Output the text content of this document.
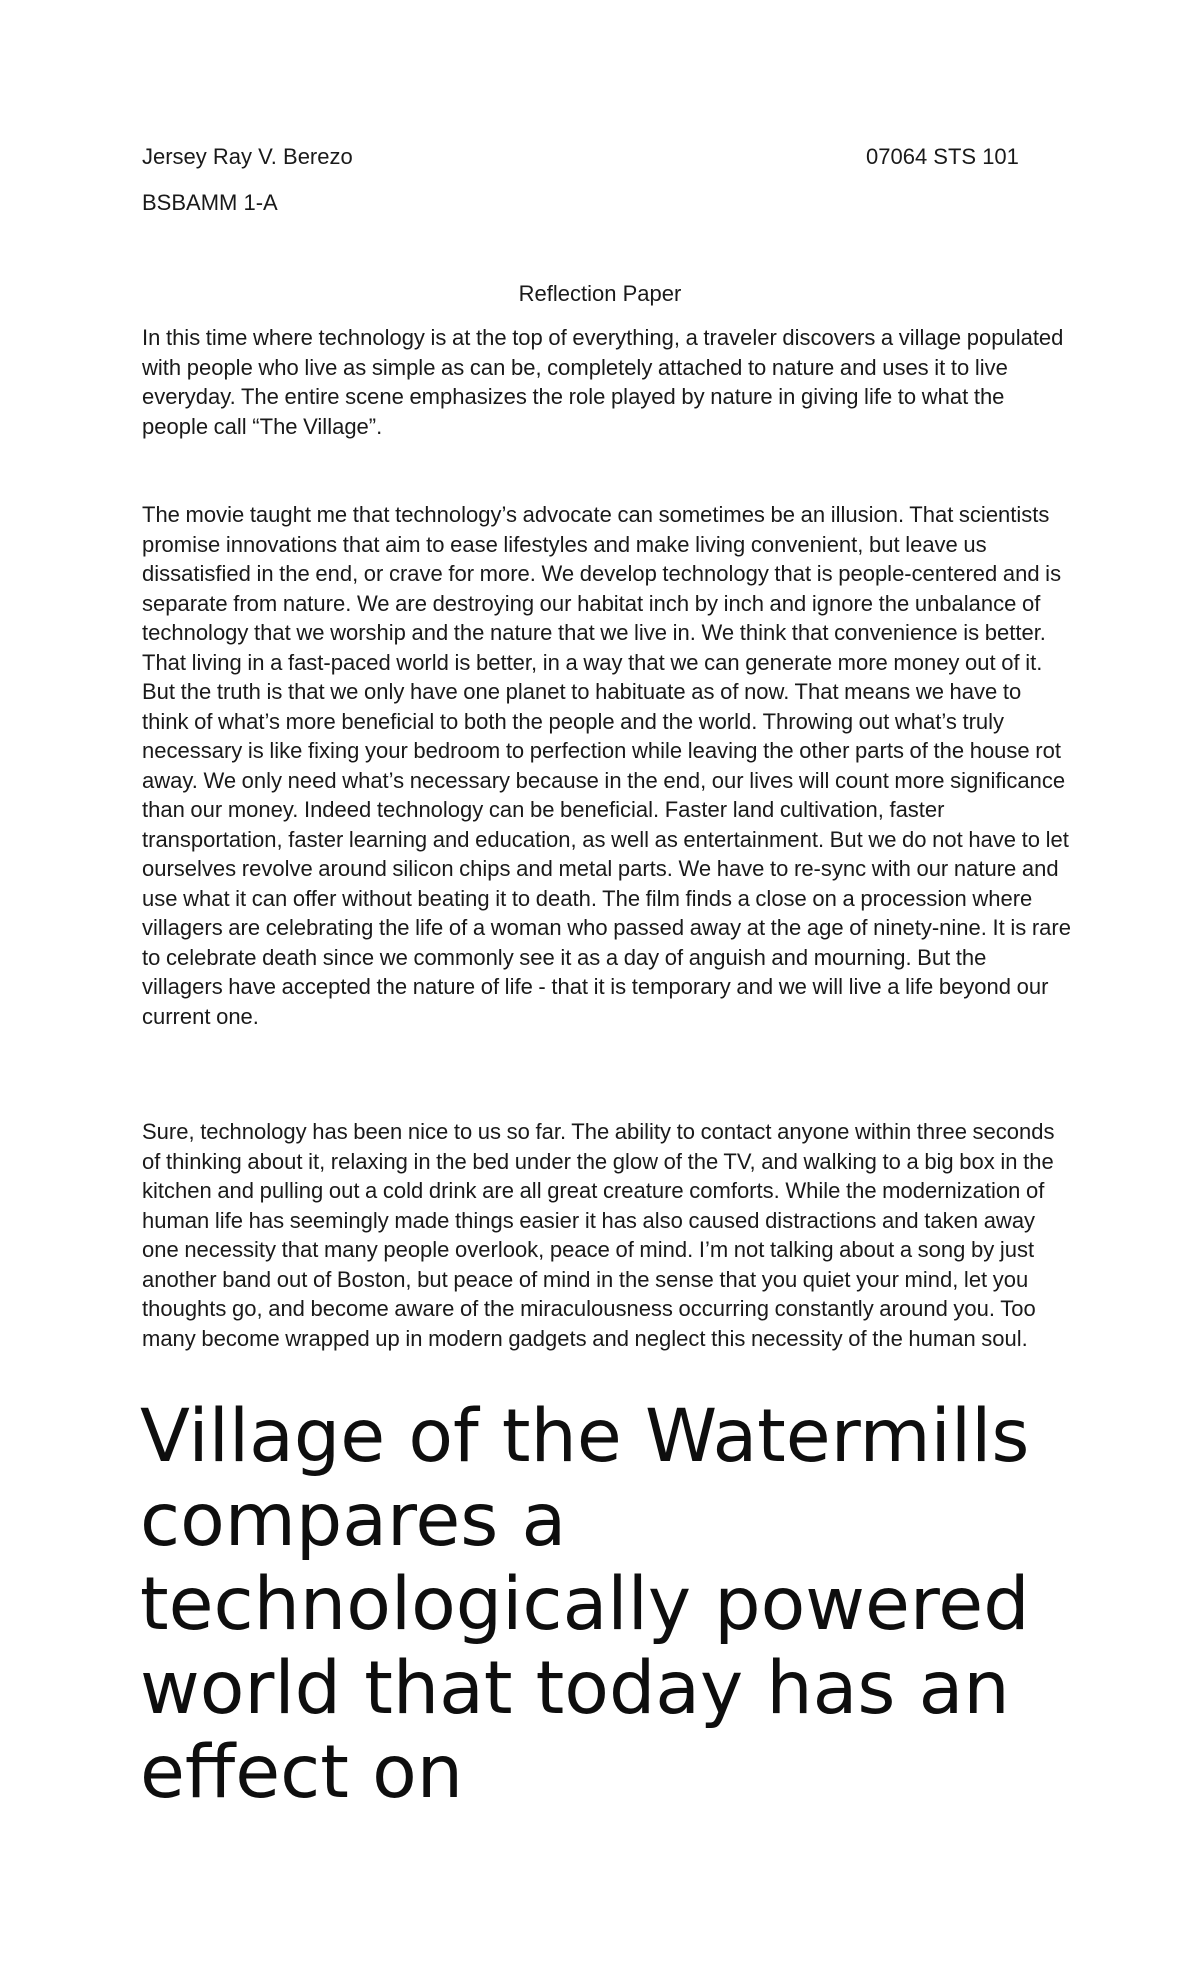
Jersey Ray V. Berezo
BSBAMM 1-A
07064 STS 101
Reflection Paper

In this time where technology is at the top of everything, a traveler discovers a village populated with people who live as simple as can be, completely attached to nature and uses it to live everyday. The entire scene emphasizes the role played by nature in giving life to what the people call “The Village”.

The movie taught me that technology’s advocate can sometimes be an illusion. That scientists promise innovations that aim to ease lifestyles and make living convenient, but leave us dissatisfied in the end, or crave for more. We develop technology that is people-centered and is separate from nature. We are destroying our habitat inch by inch and ignore the unbalance of technology that we worship and the nature that we live in. We think that convenience is better. That living in a fast-paced world is better, in a way that we can generate more money out of it. But the truth is that we only have one planet to habituate as of now. That means we have to think of what’s more beneficial to both the people and the world. Throwing out what’s truly necessary is like fixing your bedroom to perfection while leaving the other parts of the house rot away. We only need what’s necessary because in the end, our lives will count more significance than our money. Indeed technology can be beneficial. Faster land cultivation, faster transportation, faster learning and education, as well as entertainment. But we do not have to let ourselves revolve around silicon chips and metal parts. We have to re-sync with our nature and use what it can offer without beating it to death. The film finds a close on a procession where villagers are celebrating the life of a woman who passed away at the age of ninety-nine. It is rare to celebrate death since we commonly see it as a day of anguish and mourning. But the villagers have accepted the nature of life - that it is temporary and we will live a life beyond our current one.

Sure, technology has been nice to us so far. The ability to contact anyone within three seconds of thinking about it, relaxing in the bed under the glow of the TV, and walking to a big box in the kitchen and pulling out a cold drink are all great creature comforts. While the modernization of human life has seemingly made things easier it has also caused distractions and taken away one necessity that many people overlook, peace of mind. I’m not talking about a song by just another band out of Boston, but peace of mind in the sense that you quiet your mind, let you thoughts go, and become aware of the miraculousness occurring constantly around you. Too many become wrapped up in modern gadgets and neglect this necessity of the human soul.

Village of the Watermills compares a technologically powered world that today has an effect on
